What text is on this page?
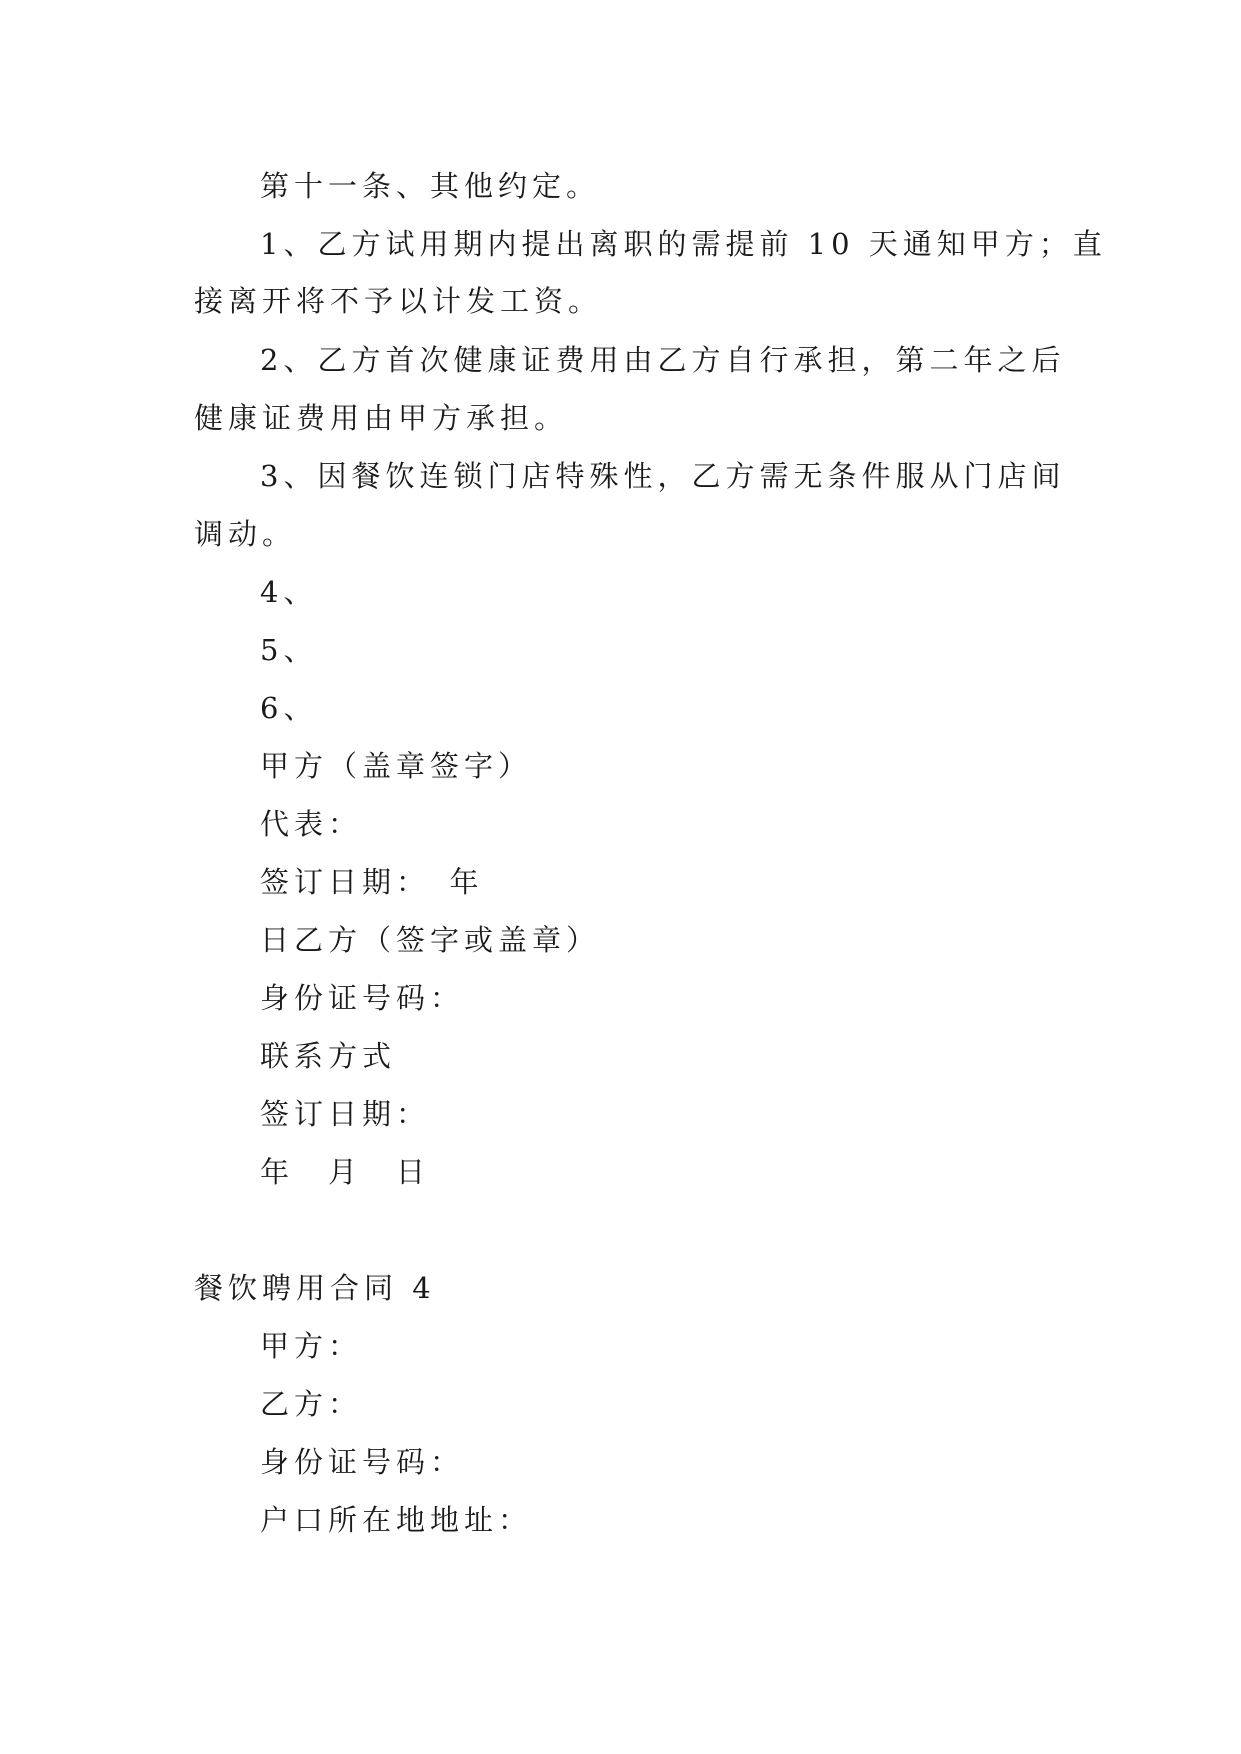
第十一条、其他约定。

1、乙方试用期内提出离职的需提前 10 天通知甲方；直

接离开将不予以计发工资。

2、乙方首次健康证费用由乙方自行承担，第二年之后

健康证费用由甲方承担。

3、因餐饮连锁门店特殊性，乙方需无条件服从门店间

调动。

4、

5、

6、

甲方（盖章签字）

代表：

签订日期：　年

日乙方（签字或盖章）

身份证号码：

联系方式

签订日期：

年　月　日

餐饮聘用合同 4

甲方：

乙方：

身份证号码：

户口所在地地址：
